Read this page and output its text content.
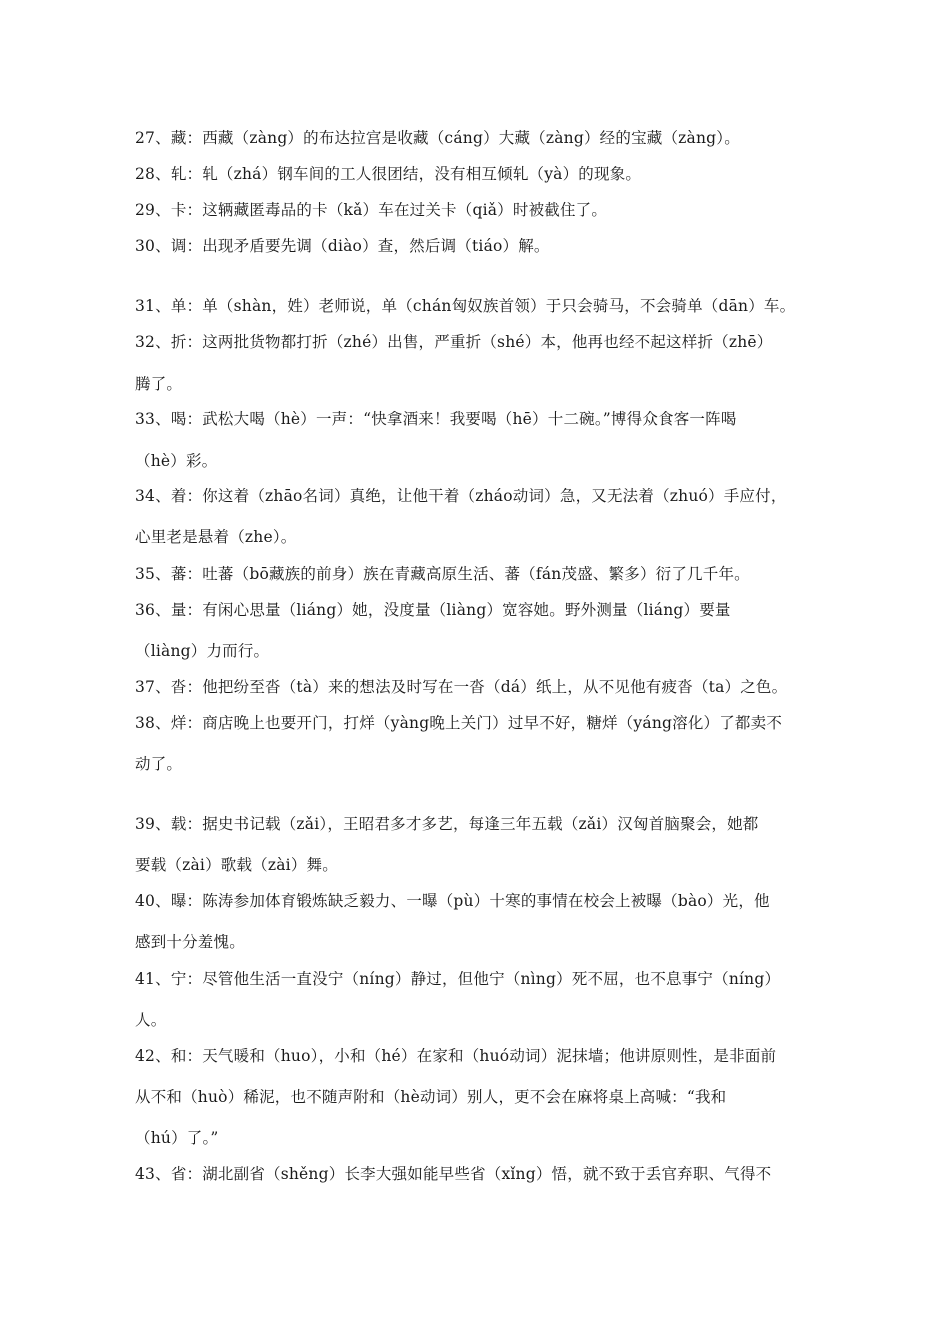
27、藏：西藏（zàng）的布达拉宫是收藏（cáng）大藏（zàng）经的宝藏（zàng）。
28、轧：轧（zhá）钢车间的工人很团结，没有相互倾轧（yà）的现象。
29、卡：这辆藏匿毒品的卡（kǎ）车在过关卡（qiǎ）时被截住了。
30、调：出现矛盾要先调（diào）查，然后调（tiáo）解。
31、单：单（shàn，姓）老师说，单（chán匈奴族首领）于只会骑马，不会骑单（dān）车。
32、折：这两批货物都打折（zhé）出售，严重折（shé）本，他再也经不起这样折（zhē）
腾了。
33、喝：武松大喝（hè）一声：“快拿酒来！我要喝（hē）十二碗。”博得众食客一阵喝
（hè）彩。
34、着：你这着（zhāo名词）真绝，让他干着（zháo动词）急，又无法着（zhuó）手应付，
心里老是悬着（zhe）。
35、蕃：吐蕃（bō藏族的前身）族在青藏高原生活、蕃（fán茂盛、繁多）衍了几千年。
36、量：有闲心思量（liáng）她，没度量（liàng）宽容她。野外测量（liáng）要量
（liàng）力而行。
37、沓：他把纷至沓（tà）来的想法及时写在一沓（dá）纸上，从不见他有疲沓（ta）之色。
38、烊：商店晚上也要开门，打烊（yàng晚上关门）过早不好，糖烊（yáng溶化）了都卖不
动了。
39、载：据史书记载（zǎi），王昭君多才多艺，每逢三年五载（zǎi）汉匈首脑聚会，她都
要载（zài）歌载（zài）舞。
40、曝：陈涛参加体育锻炼缺乏毅力、一曝（pù）十寒的事情在校会上被曝（bào）光，他
感到十分羞愧。
41、宁：尽管他生活一直没宁（níng）静过，但他宁（nìng）死不屈，也不息事宁（níng）
人。
42、和：天气暖和（huo），小和（hé）在家和（huó动词）泥抹墙；他讲原则性，是非面前
从不和（huò）稀泥，也不随声附和（hè动词）别人，更不会在麻将桌上高喊：“我和
（hú）了。”
43、省：湖北副省（shěng）长李大强如能早些省（xǐng）悟，就不致于丢官弃职、气得不
